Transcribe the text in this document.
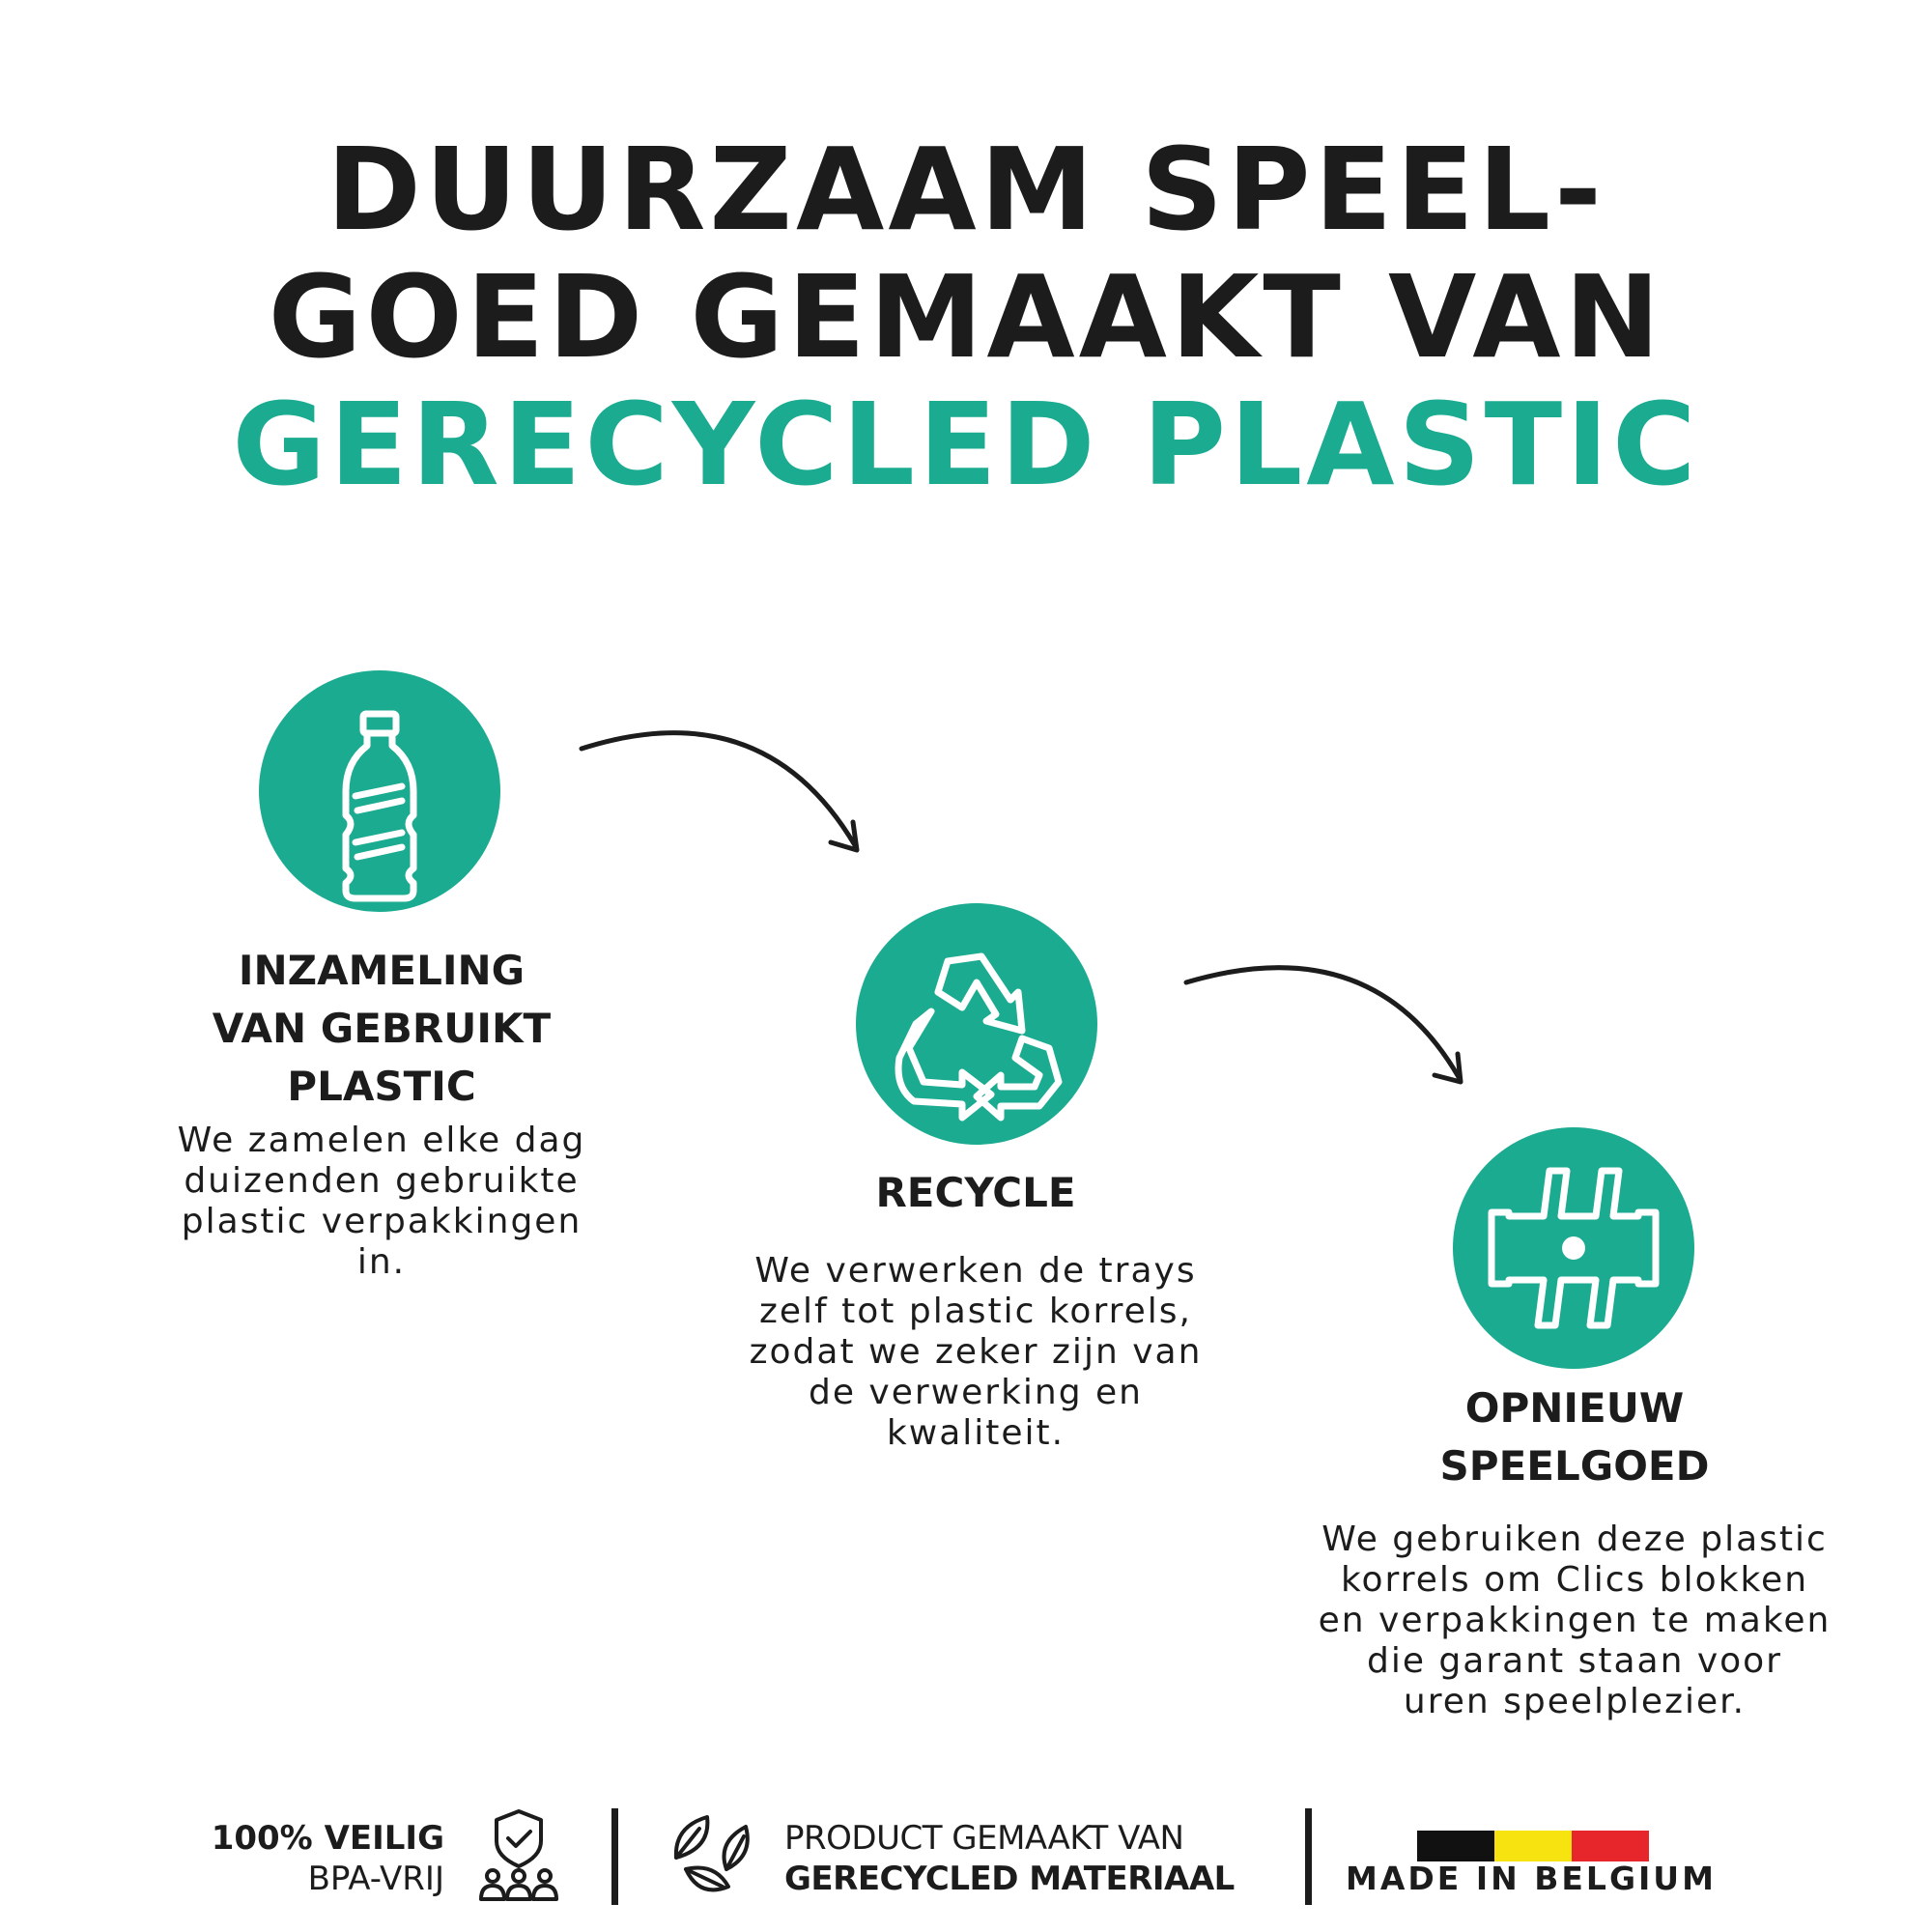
DUURZAAM SPEEL-
GOED GEMAAKT VAN
GERECYCLED PLASTIC
INZAMELING
VAN GEBRUIKT
PLASTIC
We zamelen elke dag
duizenden gebruikte
plastic verpakkingen
in.
RECYCLE
We verwerken de trays
zelf tot plastic korrels,
zodat we zeker zijn van
de verwerking en
kwaliteit.
OPNIEUW
SPEELGOED
We gebruiken deze plastic
korrels om Clics blokken
en verpakkingen te maken
die garant staan voor
uren speelplezier.
100% VEILIG
BPA-VRIJ
PRODUCT GEMAAKT VAN
GERECYCLED MATERIAAL	MADE IN BELGIUM
